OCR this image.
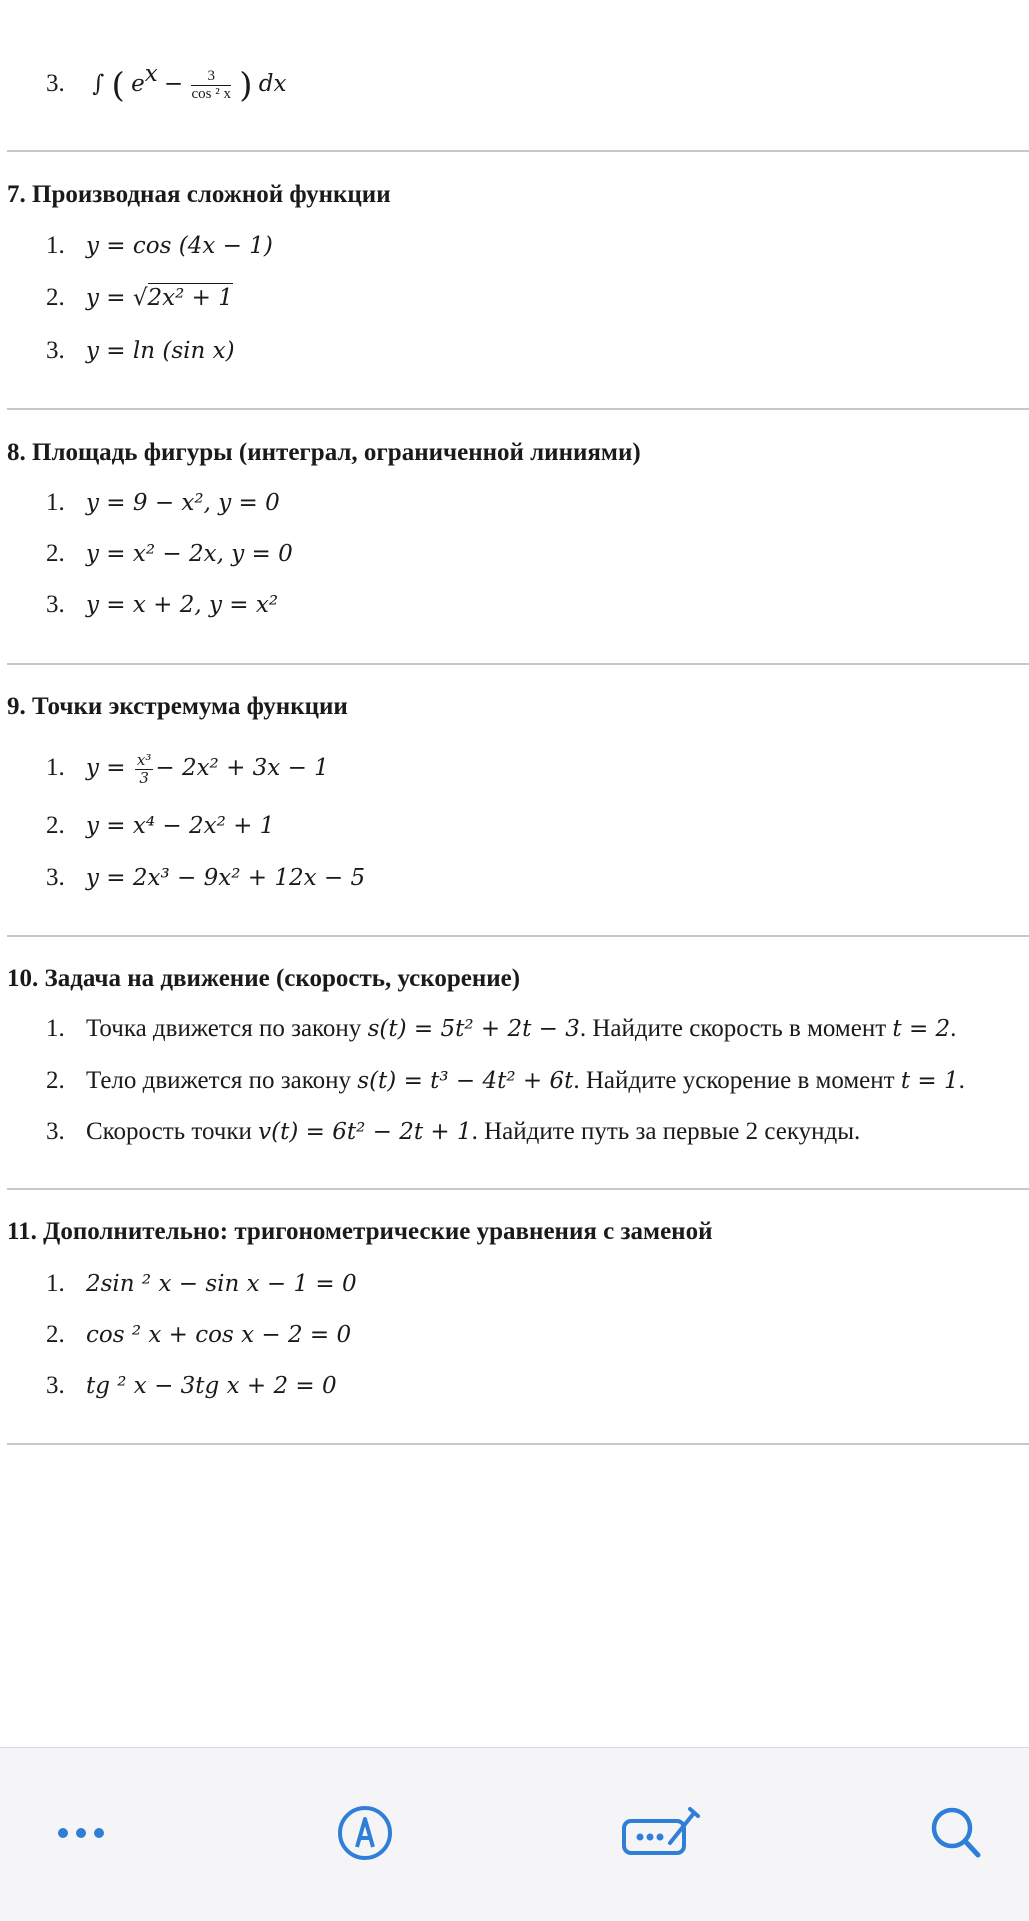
3. ∫ ( $e^x - \frac{3}{\text{cos ² x}}$ ) dx
7. Производная сложной функции
1. y = cos (4x − 1)
2. y = √2x² + 1
3. y = ln (sin x)
8. Площадь фигуры (интеграл, ограниченной линиями)
1. y = 9 − x², y = 0
2. y = x² − 2x, y = 0
3. y = x + 2, y = x²
9. Точки экстремума функции
1. $y = \frac{\text{x³}}{3} - 2x^2 + 3x - 1$
2. y = x⁴ − 2x² + 1
3. y = 2x³ − 9x² + 12x − 5
10. Задача на движение (скорость, ускорение)
1. Точка движется по закону s(t) = 5t² + 2t − 3. Найдите скорость в момент t = 2.
2. Тело движется по закону s(t) = t³ − 4t² + 6t. Найдите ускорение в момент t = 1.
3. Скорость точки v(t) = 6t² − 2t + 1. Найдите путь за первые 2 секунды.
11. Дополнительно: тригонометрические уравнения с заменой
1. 2sin ² x − sin x − 1 = 0
2. cos ² x + cos x − 2 = 0
3. tg ² x − 3tg x + 2 = 0
